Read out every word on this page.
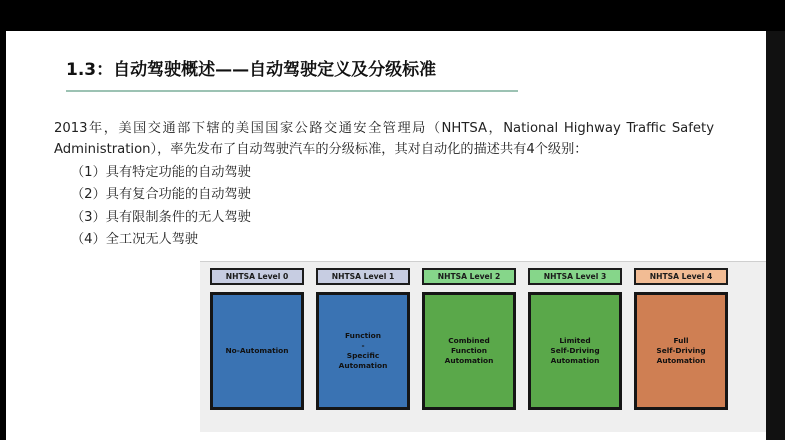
1.3：自动驾驶概述——自动驾驶定义及分级标准

2013年，美国交通部下辖的美国国家公路交通安全管理局（NHTSA，National Highway Traffic Safety Administration），率先发布了自动驾驶汽车的分级标准，其对自动化的描述共有4个级别：

（1）具有特定功能的自动驾驶

（2）具有复合功能的自动驾驶

（3）具有限制条件的无人驾驶

（4）全工况无人驾驶

NHTSA Level 0
No-Automation
NHTSA Level 1
Function
-
Specific
Automation
NHTSA Level 2
Combined
Function
Automation
NHTSA Level 3
Limited
Self-Driving
Automation
NHTSA Level 4
Full
Self-Driving
Automation
